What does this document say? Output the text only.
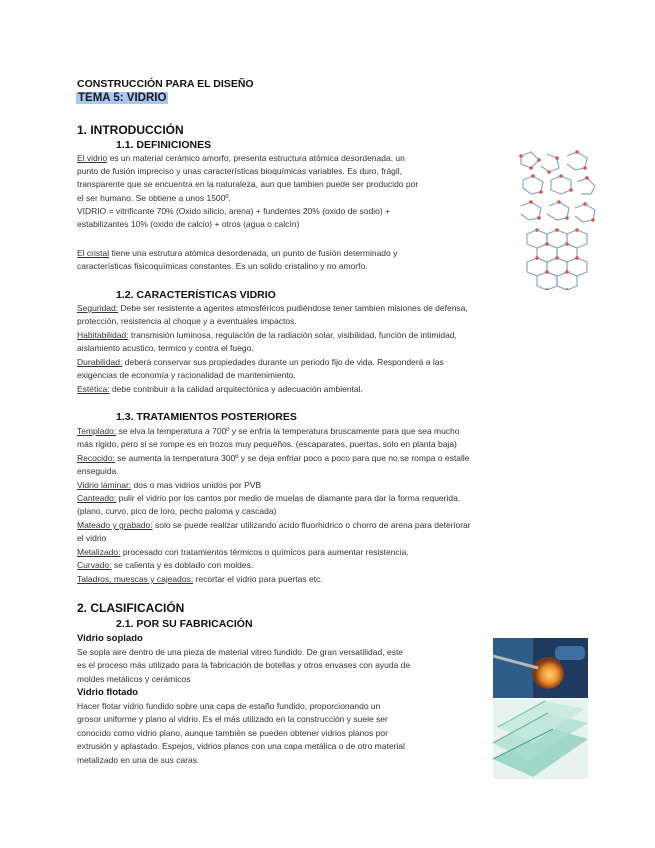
CONSTRUCCIÓN PARA EL DISEÑO
TEMA 5: VIDRIO
1. INTRODUCCIÓN
1.1. DEFINICIONES
El vidrio es un material cerámico amorfo, presenta estructura atómica desordenada, un
punto de fusión impreciso y unas características bioquímicas variables. Es duro, frágil,
transparente que se encuentra en la naturaleza, aun que tambien puede ser producido por
el ser humano. Se obtiene a unos 1500º.
VIDRIO = vitrificante 70% (Oxido silicio, arena) + fundentes 20% (oxido de sodio) +
estabilizantes 10% (oxido de calcio) + otros (agua o calcín)
El cristal tiene una estrutura atómica desordenada, un punto de fusión determinado y
características fisicoquímicas constantes. Es un solido cristalino y no amorfo.
1.2. CARACTERÍSTICAS VIDRIO
Seguridad: Debe ser resistente a agentes atmosféricos pudiéndose tener tambien misiones de defensa,
protección, resistencia al choque y a eventuales impactos.
Habitabilidad: transmisión luminosa, regulación de la radiación solar, visibilidad, función de intimidad,
aislamiento acustico, termico y contra el fuego.
Durabilidad: deberá conservar sus propiedades durante un periodo fijo de vida. Responderá a las
exigencias de economía y racionalidad de mantenimiento.
Estética: debe contribuir a la calidad arquitectónica y adecuación ambiental.
1.3. TRATAMIENTOS POSTERIORES
Templado: se elva la temperatura a 700º y se enfria la temperatura bruscamente para que sea mucho
más rigido, pero si se rompe es en trozos muy pequeños. (escaparates, puertas, solo en planta baja)
Recocido: se aumenta la temperatura 300º y se deja enfriar poco a poco para que no se rompa o estalle
enseguida.
Vidrio laminar: dos o mas vidrios unidos por PVB
Canteado: pulir el vidrio por los cantos por medio de muelas de diamante para dar la forma requerida.
(plano, curvo, pico de loro, pecho paloma y cascada)
Mateado y grabado: solo se puede realizar utilizando acido fluorhidrico o chorro de arena para deteriorar
el vidrio
Metalizado: procesado con tratamientos térmicos o químicos para aumentar resistencia.
Curvado: se calienta y es doblado con moldes.
Taladros, muescas y cajeados: recortar el vidrio para puertas etc.
2. CLASIFICACIÓN
2.1. POR SU FABRICACIÓN
Vidrio soplado
Se sopla aire dentro de una pieza de material vitreo fundido. De gran versatilidad, este
es el proceso más utilizado para la fabricación de botellas y otros envases con ayuda de
moldes metálicos y cerámicos
Vidrio flotado
Hacer flotar vidrio fundido sobre una capa de estaño fundido, proporcionando un
grosor uniforme y plano al vidrio. Es el más utilizado en la construcción y suele ser
conocido como vidrio plano, aunque también se pueden obtener vidrios planos por
extrusión y aplastado. Espejos, vidrios planos con una capa metálica o de otro material
metalizado en una de sus caras.
